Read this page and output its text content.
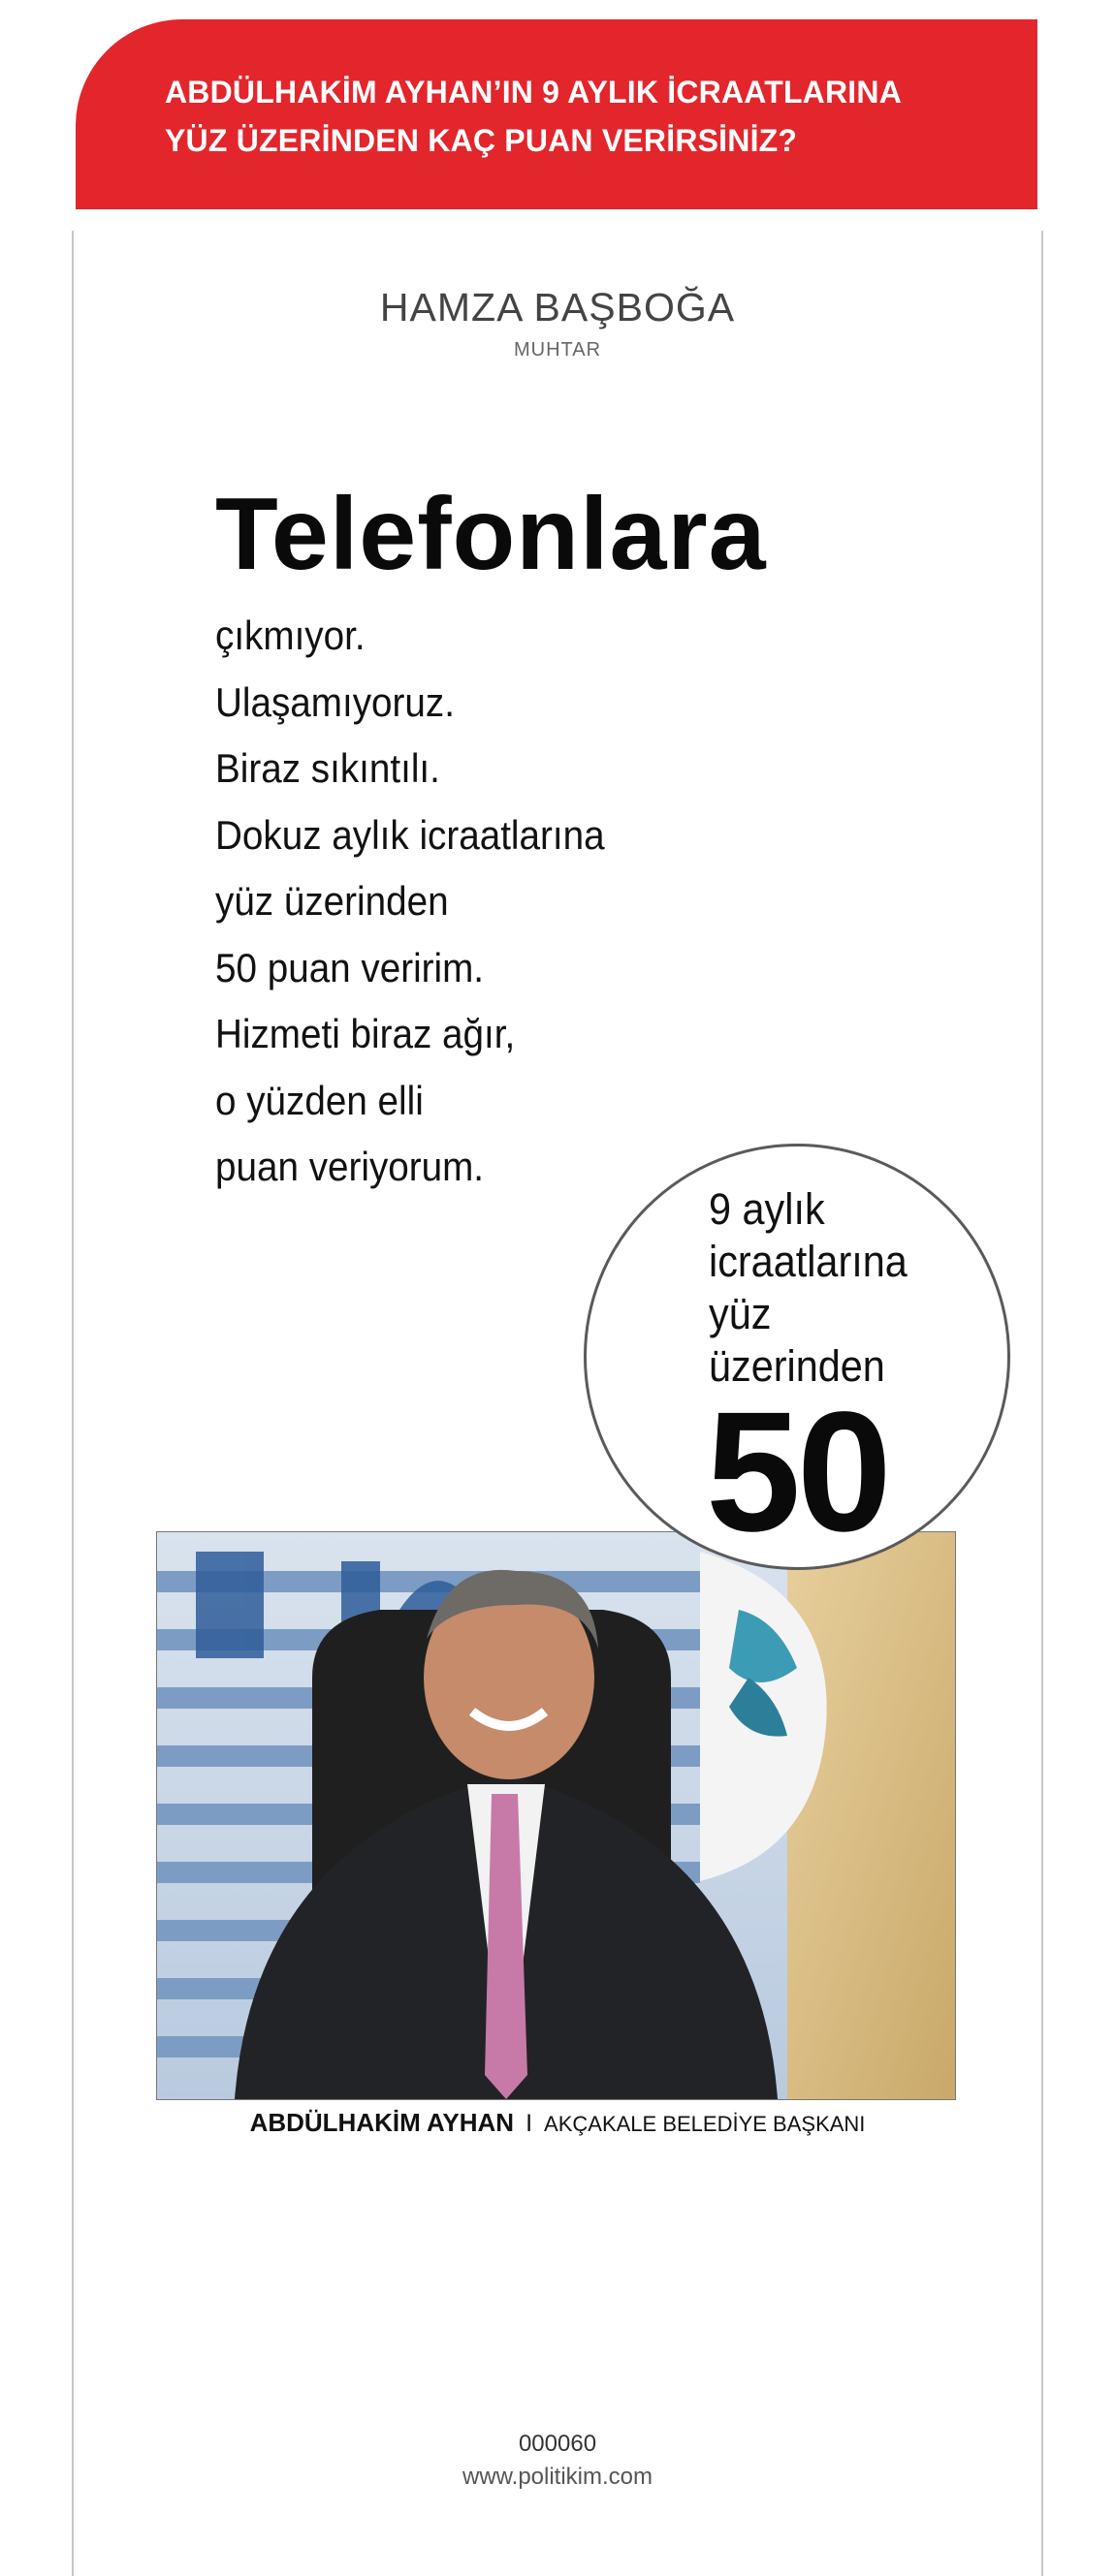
ABDÜLHAKİM AYHAN’IN 9 AYLIK İCRAATLARINA
YÜZ ÜZERİNDEN KAÇ PUAN VERİRSİNİZ?
HAMZA BAŞBOĞA
MUHTAR
Telefonlara
çıkmıyor.
Ulaşamıyoruz.
Biraz sıkıntılı.
Dokuz aylık icraatlarına
yüz üzerinden
50 puan veririm.
Hizmeti biraz ağır,
o yüzden elli
puan veriyorum.
9 aylık
icraatlarına
yüz
üzerinden
50
ABDÜLHAKİM AYHAN I AKÇAKALE BELEDİYE BAŞKANI
000060
www.politikim.com
